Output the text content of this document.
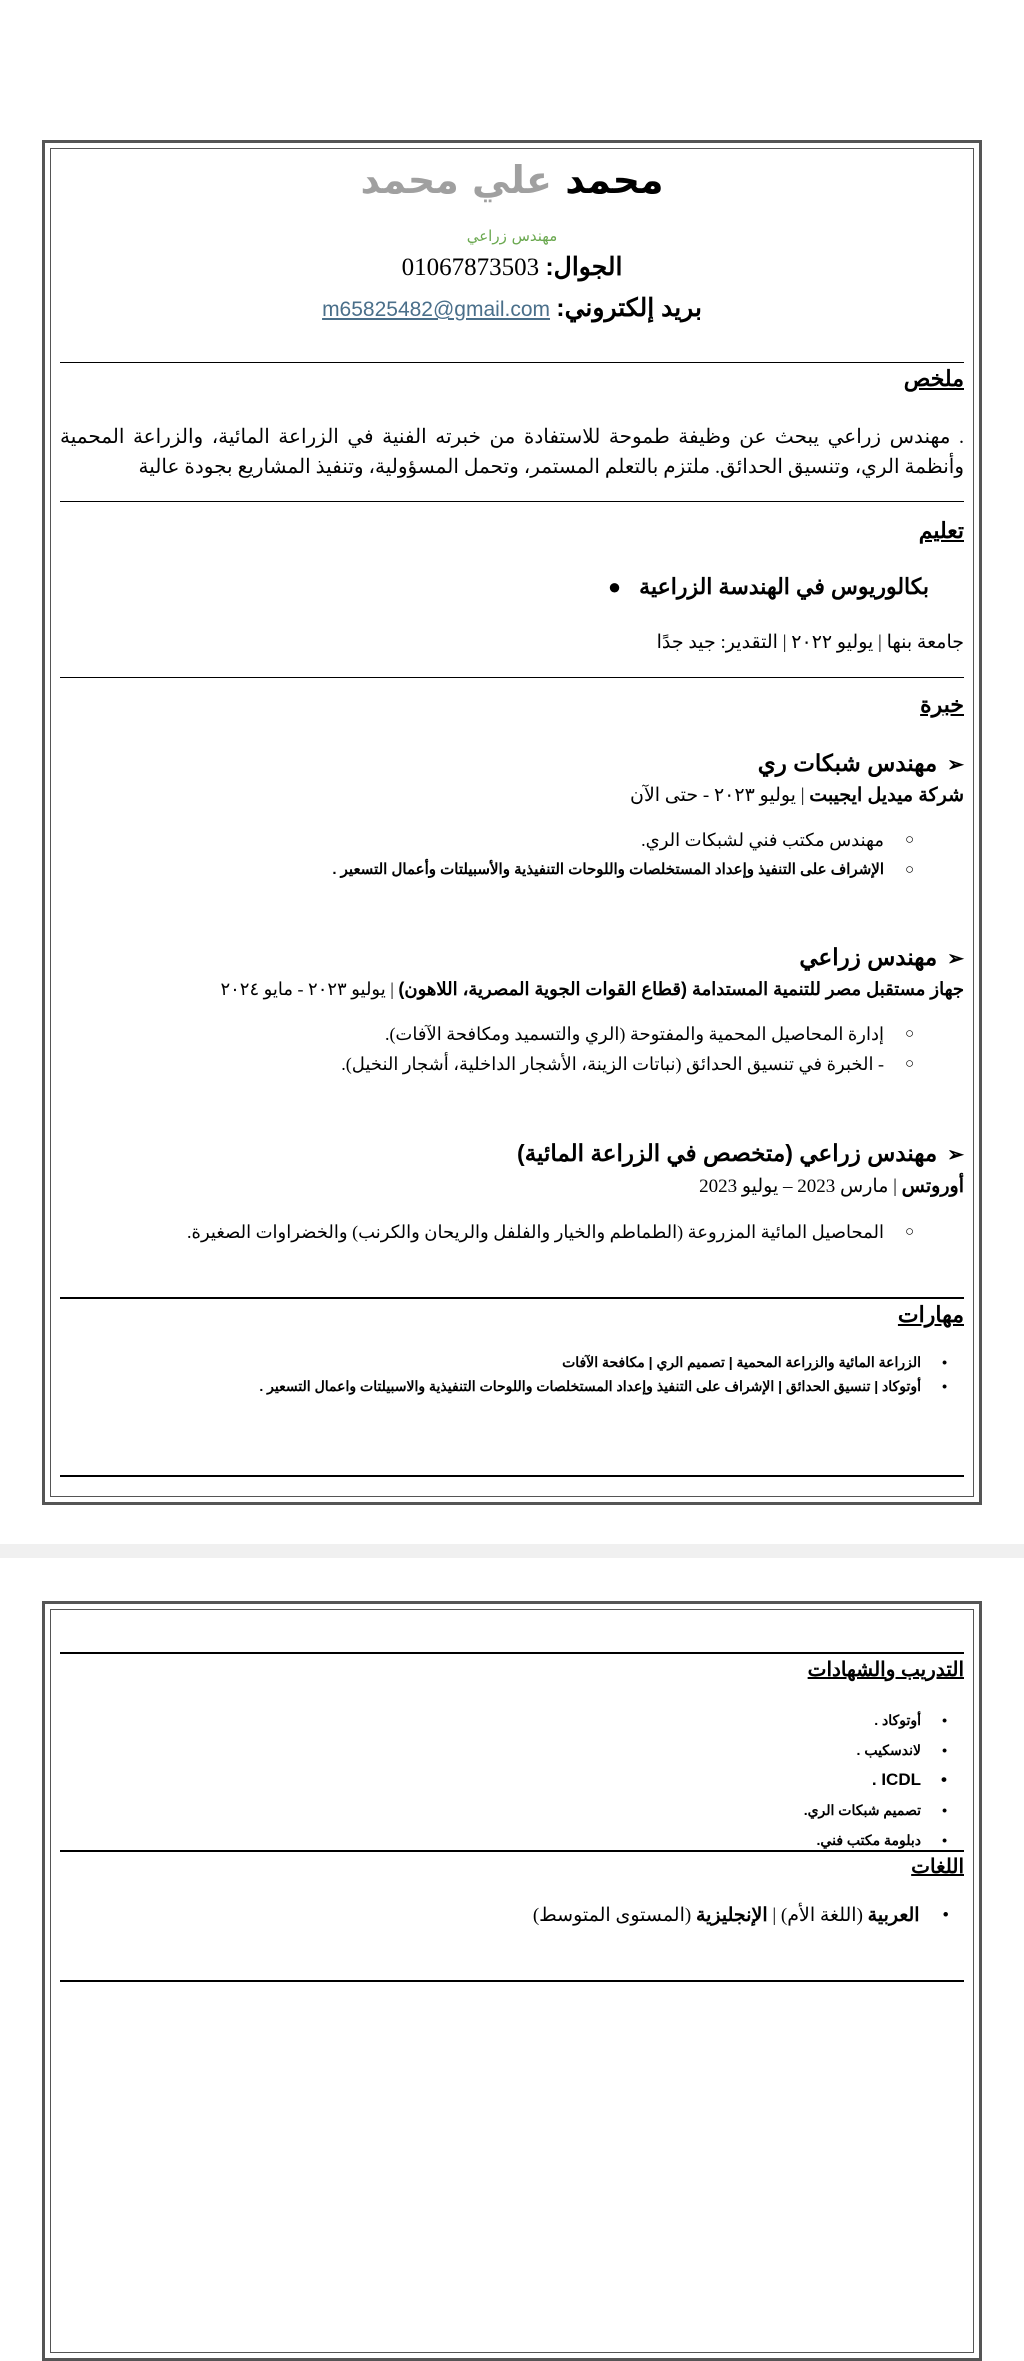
محمد علي محمد
مهندس زراعي
الجوال: 01067873503
بريد إلكتروني: m65825482@gmail.com
ملخص
. مهندس زراعي يبحث عن وظيفة طموحة للاستفادة من خبرته الفنية في الزراعة المائية، والزراعة المحمية وأنظمة الري، وتنسيق الحدائق. ملتزم بالتعلم المستمر، وتحمل المسؤولية، وتنفيذ المشاريع بجودة عالية
تعليم
بكالوريوس في الهندسة الزراعية●
جامعة بنها | يوليو ٢٠٢٢ | التقدير: جيد جدًا
خبرة
➢مهندس شبكات ري
شركة ميديل ايجيبت | يوليو ٢٠٢٣ - حتى الآن
○ مهندس مكتب فني لشبكات الري.
○ الإشراف على التنفيذ وإعداد المستخلصات واللوحات التنفيذية والأسبيلتات وأعمال التسعير .
➢مهندس زراعي
جهاز مستقبل مصر للتنمية المستدامة (قطاع القوات الجوية المصرية، اللاهون) | يوليو ٢٠٢٣ - مايو ٢٠٢٤
○ إدارة المحاصيل المحمية والمفتوحة (الري والتسميد ومكافحة الآفات).
○ - الخبرة في تنسيق الحدائق (نباتات الزينة، الأشجار الداخلية، أشجار النخيل).
➢مهندس زراعي (متخصص في الزراعة المائية)
أوروتس | مارس 2023 – يوليو 2023
○ المحاصيل المائية المزروعة (الطماطم والخيار والفلفل والريحان والكرنب) والخضراوات الصغيرة.
مهارات
• الزراعة المائية والزراعة المحمية | تصميم الري | مكافحة الآفات
• أوتوكاد | تنسيق الحدائق | الإشراف على التنفيذ وإعداد المستخلصات واللوحات التنفيذية والاسبيلتات واعمال التسعير .
التدريب والشهادات
• أوتوكاد .
• لاندسكيب .
• ICDL .
• تصميم شبكات الري.
• دبلومة مكتب فني.
اللغات
• العربية (اللغة الأم) | الإنجليزية (المستوى المتوسط)
